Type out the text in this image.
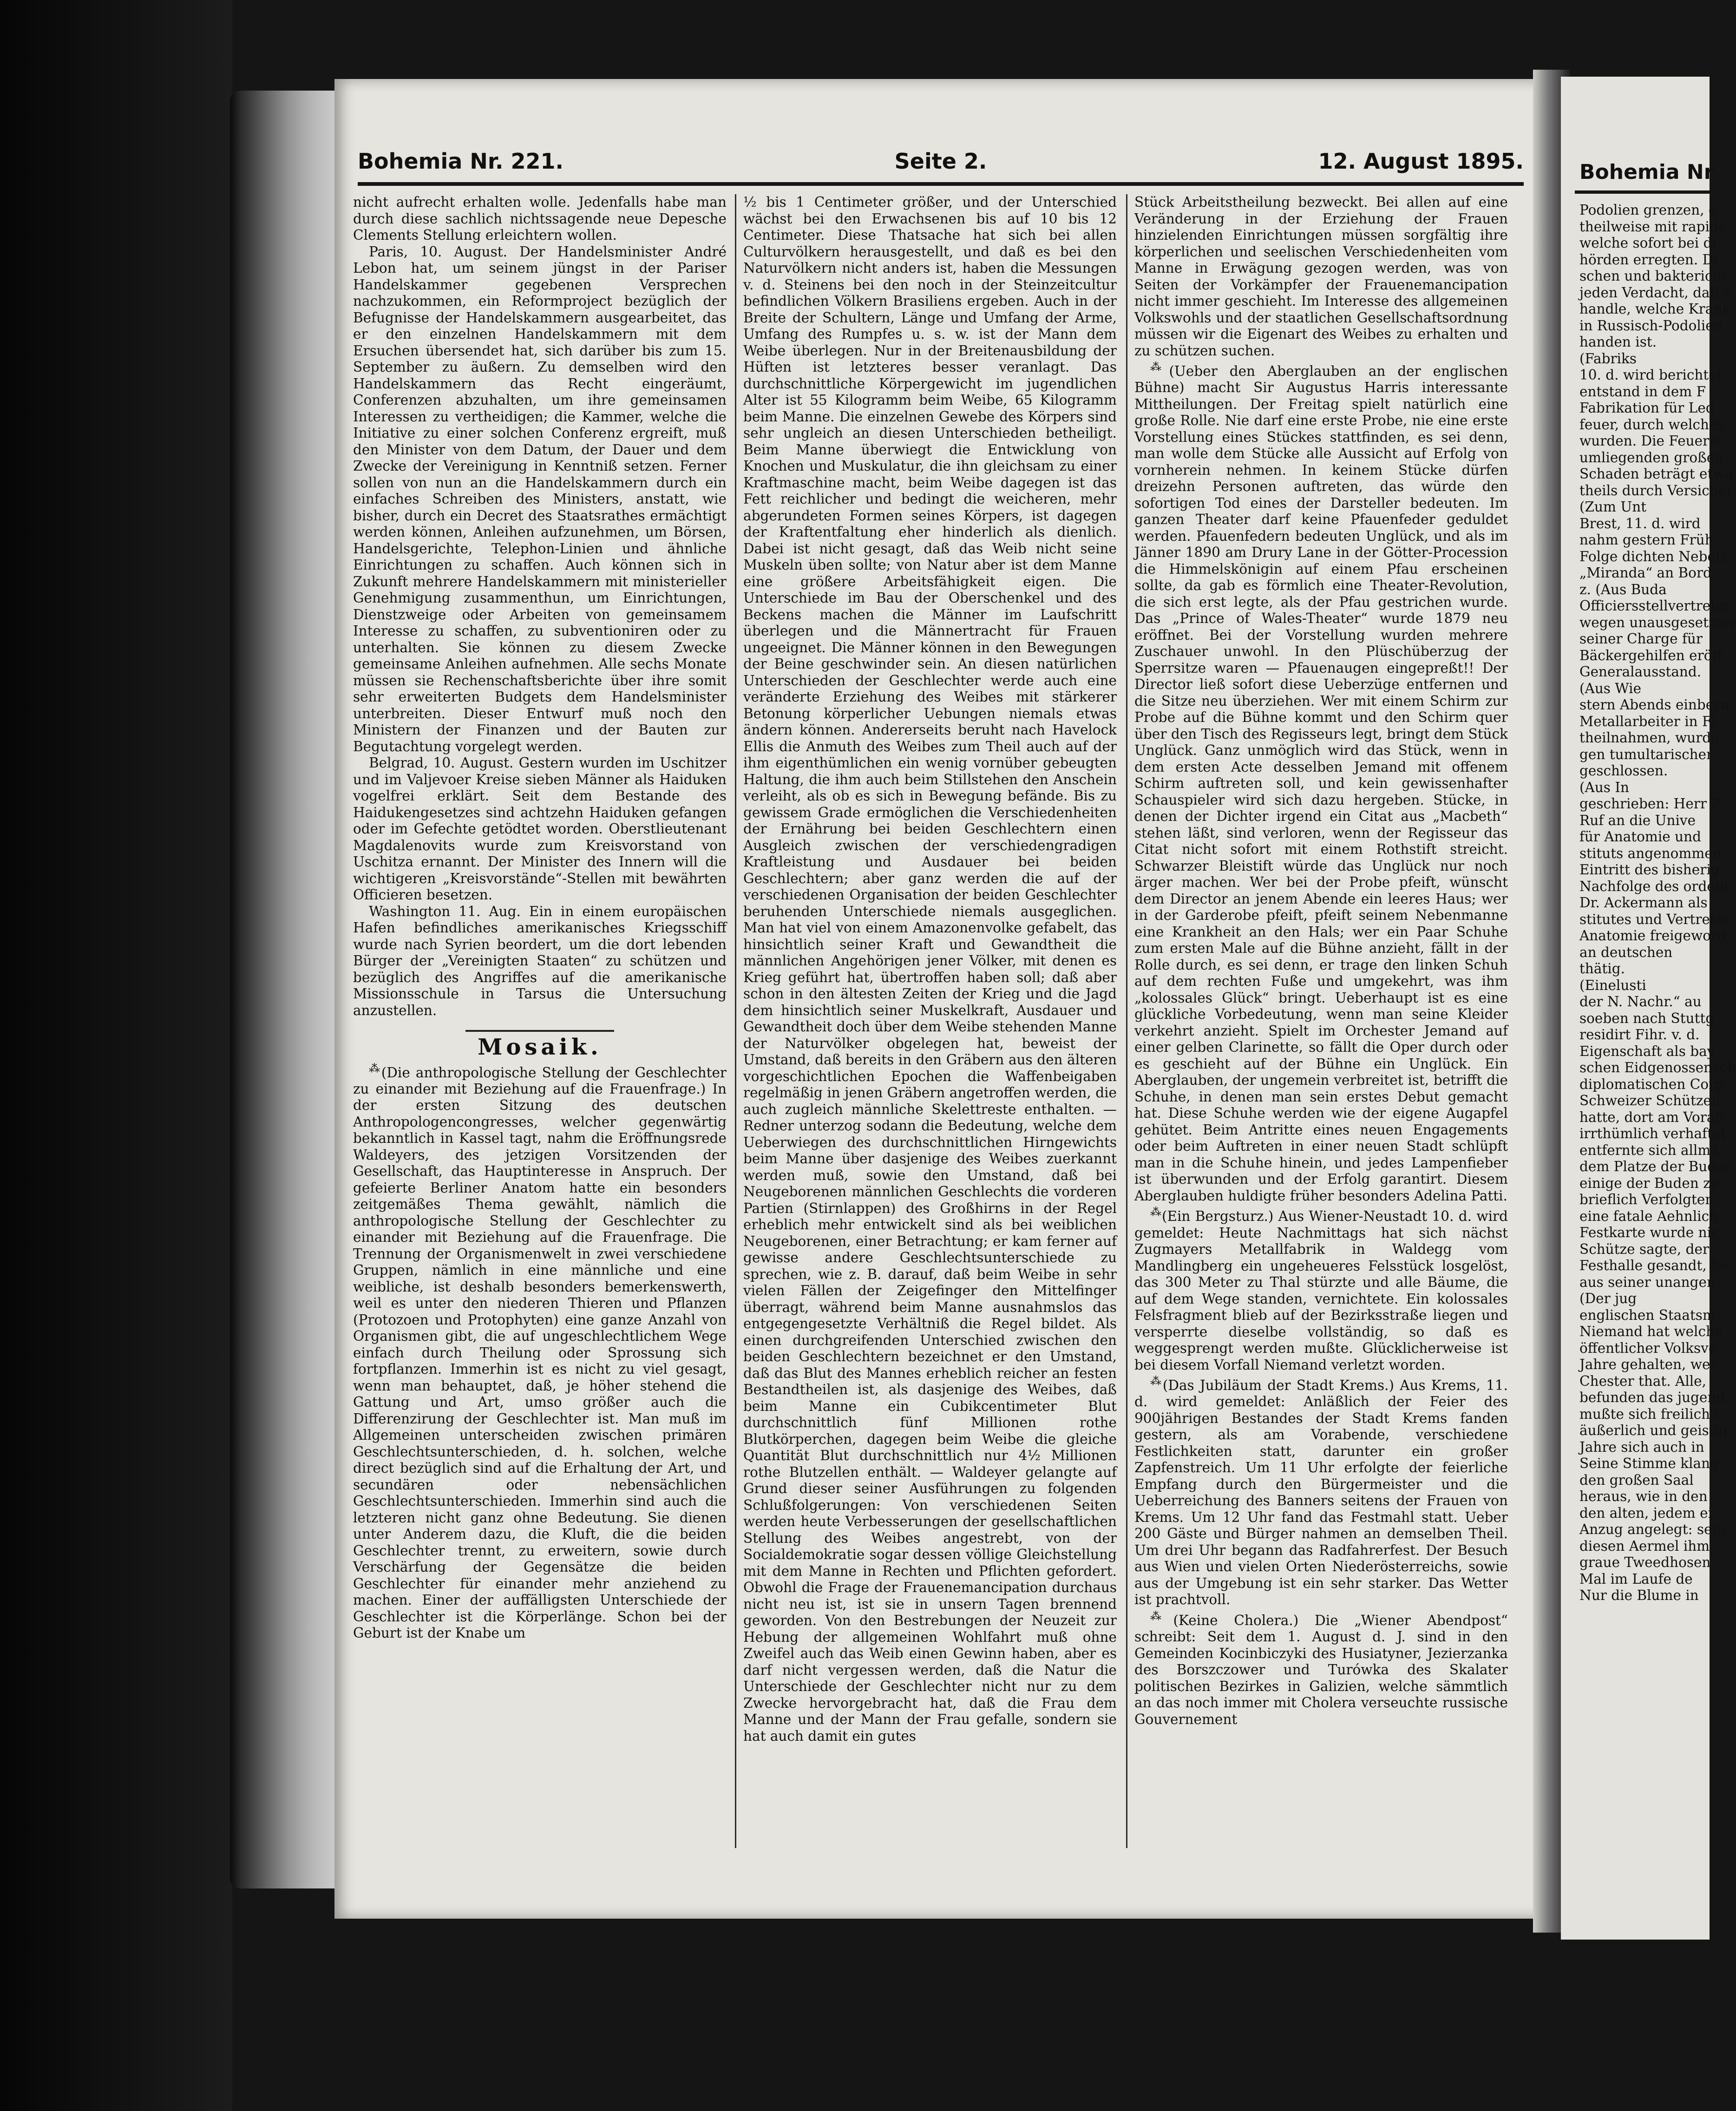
Bohemia Nr. 221.	Seite 2.	12. August 1895.

nicht aufrecht erhalten wolle. Jedenfalls habe man durch diese sachlich nichtssagende neue Depesche Clements Stellung erleichtern wollen.

Paris, 10. August. Der Handelsminister André Lebon hat, um seinem jüngst in der Pariser Handelskammer gegebenen Versprechen nachzukommen, ein Reformproject bezüglich der Befugnisse der Handelskammern ausgearbeitet, das er den einzelnen Handelskammern mit dem Ersuchen übersendet hat, sich darüber bis zum 15. September zu äußern. Zu demselben wird den Handelskammern das Recht eingeräumt, Conferenzen abzuhalten, um ihre gemeinsamen Interessen zu vertheidigen; die Kammer, welche die Initiative zu einer solchen Conferenz ergreift, muß den Minister von dem Datum, der Dauer und dem Zwecke der Vereinigung in Kenntniß setzen. Ferner sollen von nun an die Handelskammern durch ein einfaches Schreiben des Ministers, anstatt, wie bisher, durch ein Decret des Staatsrathes ermächtigt werden können, Anleihen aufzunehmen, um Börsen, Handelsgerichte, Telephon-Linien und ähnliche Einrichtungen zu schaffen. Auch können sich in Zukunft mehrere Handelskammern mit ministerieller Genehmigung zusammenthun, um Einrichtungen, Dienstzweige oder Arbeiten von gemeinsamem Interesse zu schaffen, zu subventioniren oder zu unterhalten. Sie können zu diesem Zwecke gemeinsame Anleihen aufnehmen. Alle sechs Monate müssen sie Rechenschaftsberichte über ihre somit sehr erweiterten Budgets dem Handelsminister unterbreiten. Dieser Entwurf muß noch den Ministern der Finanzen und der Bauten zur Begutachtung vorgelegt werden.

Belgrad, 10. August. Gestern wurden im Uschitzer und im Valjevoer Kreise sieben Männer als Haiduken vogelfrei erklärt. Seit dem Bestande des Haidukengesetzes sind achtzehn Haiduken gefangen oder im Gefechte getödtet worden. Oberstlieutenant Magdalenovits wurde zum Kreisvorstand von Uschitza ernannt. Der Minister des Innern will die wichtigeren „Kreisvorstände“-Stellen mit bewährten Officieren besetzen.

Washington 11. Aug. Ein in einem europäischen Hafen befindliches amerikanisches Kriegsschiff wurde nach Syrien beordert, um die dort lebenden Bürger der „Vereinigten Staaten“ zu schützen und bezüglich des Angriffes auf die amerikanische Missionsschule in Tarsus die Untersuchung anzustellen.

Mosaik.

⁂ (Die anthropologische Stellung der Geschlechter zu einander mit Beziehung auf die Frauenfrage.) In der ersten Sitzung des deutschen Anthropologencongresses, welcher gegenwärtig bekanntlich in Kassel tagt, nahm die Eröffnungsrede Waldeyers, des jetzigen Vorsitzenden der Gesellschaft, das Hauptinteresse in Anspruch. Der gefeierte Berliner Anatom hatte ein besonders zeitgemäßes Thema gewählt, nämlich die anthropologische Stellung der Geschlechter zu einander mit Beziehung auf die Frauenfrage. Die Trennung der Organismenwelt in zwei verschiedene Gruppen, nämlich in eine männliche und eine weibliche, ist deshalb besonders bemerkenswerth, weil es unter den niederen Thieren und Pflanzen (Protozoen und Protophyten) eine ganze Anzahl von Organismen gibt, die auf ungeschlechtlichem Wege einfach durch Theilung oder Sprossung sich fortpflanzen. Immerhin ist es nicht zu viel gesagt, wenn man behauptet, daß, je höher stehend die Gattung und Art, umso größer auch die Differenzirung der Geschlechter ist. Man muß im Allgemeinen unterscheiden zwischen primären Geschlechtsunterschieden, d. h. solchen, welche direct bezüglich sind auf die Erhaltung der Art, und secundären oder nebensächlichen Geschlechtsunterschieden. Immerhin sind auch die letzteren nicht ganz ohne Bedeutung. Sie dienen unter Anderem dazu, die Kluft, die die beiden Geschlechter trennt, zu erweitern, sowie durch Verschärfung der Gegensätze die beiden Geschlechter für einander mehr anziehend zu machen. Einer der auffälligsten Unterschiede der Geschlechter ist die Körperlänge. Schon bei der Geburt ist der Knabe um

½ bis 1 Centimeter größer, und der Unterschied wächst bei den Erwachsenen bis auf 10 bis 12 Centimeter. Diese Thatsache hat sich bei allen Culturvölkern herausgestellt, und daß es bei den Naturvölkern nicht anders ist, haben die Messungen v. d. Steinens bei den noch in der Steinzeitcultur befindlichen Völkern Brasiliens ergeben. Auch in der Breite der Schultern, Länge und Umfang der Arme, Umfang des Rumpfes u. s. w. ist der Mann dem Weibe überlegen. Nur in der Breitenausbildung der Hüften ist letzteres besser veranlagt. Das durchschnittliche Körpergewicht im jugendlichen Alter ist 55 Kilogramm beim Weibe, 65 Kilogramm beim Manne. Die einzelnen Gewebe des Körpers sind sehr ungleich an diesen Unterschieden betheiligt. Beim Manne überwiegt die Entwicklung von Knochen und Muskulatur, die ihn gleichsam zu einer Kraftmaschine macht, beim Weibe dagegen ist das Fett reichlicher und bedingt die weicheren, mehr abgerundeten Formen seines Körpers, ist dagegen der Kraftentfaltung eher hinderlich als dienlich. Dabei ist nicht gesagt, daß das Weib nicht seine Muskeln üben sollte; von Natur aber ist dem Manne eine größere Arbeitsfähigkeit eigen. Die Unterschiede im Bau der Oberschenkel und des Beckens machen die Männer im Laufschritt überlegen und die Männertracht für Frauen ungeeignet. Die Männer können in den Bewegungen der Beine geschwinder sein. An diesen natürlichen Unterschieden der Geschlechter werde auch eine veränderte Erziehung des Weibes mit stärkerer Betonung körperlicher Uebungen niemals etwas ändern können. Andererseits beruht nach Havelock Ellis die Anmuth des Weibes zum Theil auch auf der ihm eigenthümlichen ein wenig vornüber gebeugten Haltung, die ihm auch beim Stillstehen den Anschein verleiht, als ob es sich in Bewegung befände. Bis zu gewissem Grade ermöglichen die Verschiedenheiten der Ernährung bei beiden Geschlechtern einen Ausgleich zwischen der verschiedengradigen Kraftleistung und Ausdauer bei beiden Geschlechtern; aber ganz werden die auf der verschiedenen Organisation der beiden Geschlechter beruhenden Unterschiede niemals ausgeglichen. Man hat viel von einem Amazonenvolke gefabelt, das hinsichtlich seiner Kraft und Gewandtheit die männlichen Angehörigen jener Völker, mit denen es Krieg geführt hat, übertroffen haben soll; daß aber schon in den ältesten Zeiten der Krieg und die Jagd dem hinsichtlich seiner Muskelkraft, Ausdauer und Gewandtheit doch über dem Weibe stehenden Manne der Naturvölker obgelegen hat, beweist der Umstand, daß bereits in den Gräbern aus den älteren vorgeschichtlichen Epochen die Waffenbeigaben regelmäßig in jenen Gräbern angetroffen werden, die auch zugleich männliche Skelettreste enthalten. — Redner unterzog sodann die Bedeutung, welche dem Ueberwiegen des durchschnittlichen Hirngewichts beim Manne über dasjenige des Weibes zuerkannt werden muß, sowie den Umstand, daß bei Neugeborenen männlichen Geschlechts die vorderen Partien (Stirnlappen) des Großhirns in der Regel erheblich mehr entwickelt sind als bei weiblichen Neugeborenen, einer Betrachtung; er kam ferner auf gewisse andere Geschlechtsunterschiede zu sprechen, wie z. B. darauf, daß beim Weibe in sehr vielen Fällen der Zeigefinger den Mittelfinger überragt, während beim Manne ausnahmslos das entgegengesetzte Verhältniß die Regel bildet. Als einen durchgreifenden Unterschied zwischen den beiden Geschlechtern bezeichnet er den Umstand, daß das Blut des Mannes erheblich reicher an festen Bestandtheilen ist, als dasjenige des Weibes, daß beim Manne ein Cubikcentimeter Blut durchschnittlich fünf Millionen rothe Blutkörperchen, dagegen beim Weibe die gleiche Quantität Blut durchschnittlich nur 4½ Millionen rothe Blutzellen enthält. — Waldeyer gelangte auf Grund dieser seiner Ausführungen zu folgenden Schlußfolgerungen: Von verschiedenen Seiten werden heute Verbesserungen der gesellschaftlichen Stellung des Weibes angestrebt, von der Socialdemokratie sogar dessen völlige Gleichstellung mit dem Manne in Rechten und Pflichten gefordert. Obwohl die Frage der Frauenemancipation durchaus nicht neu ist, ist sie in unsern Tagen brennend geworden. Von den Bestrebungen der Neuzeit zur Hebung der allgemeinen Wohlfahrt muß ohne Zweifel auch das Weib einen Gewinn haben, aber es darf nicht vergessen werden, daß die Natur die Unterschiede der Geschlechter nicht nur zu dem Zwecke hervorgebracht hat, daß die Frau dem Manne und der Mann der Frau gefalle, sondern sie hat auch damit ein gutes

Stück Arbeitstheilung bezweckt. Bei allen auf eine Veränderung in der Erziehung der Frauen hinzielenden Einrichtungen müssen sorgfältig ihre körperlichen und seelischen Verschiedenheiten vom Manne in Erwägung gezogen werden, was von Seiten der Vorkämpfer der Frauenemancipation nicht immer geschieht. Im Interesse des allgemeinen Volkswohls und der staatlichen Gesellschaftsordnung müssen wir die Eigenart des Weibes zu erhalten und zu schützen suchen.

⁂ (Ueber den Aberglauben an der englischen Bühne) macht Sir Augustus Harris interessante Mittheilungen. Der Freitag spielt natürlich eine große Rolle. Nie darf eine erste Probe, nie eine erste Vorstellung eines Stückes stattfinden, es sei denn, man wolle dem Stücke alle Aussicht auf Erfolg von vornherein nehmen. In keinem Stücke dürfen dreizehn Personen auftreten, das würde den sofortigen Tod eines der Darsteller bedeuten. Im ganzen Theater darf keine Pfauenfeder geduldet werden. Pfauenfedern bedeuten Unglück, und als im Jänner 1890 am Drury Lane in der Götter-Procession die Himmelskönigin auf einem Pfau erscheinen sollte, da gab es förmlich eine Theater-Revolution, die sich erst legte, als der Pfau gestrichen wurde. Das „Prince of Wales-Theater“ wurde 1879 neu eröffnet. Bei der Vorstellung wurden mehrere Zuschauer unwohl. In den Plüschüberzug der Sperrsitze waren — Pfauenaugen eingepreßt!! Der Director ließ sofort diese Ueberzüge entfernen und die Sitze neu überziehen. Wer mit einem Schirm zur Probe auf die Bühne kommt und den Schirm quer über den Tisch des Regisseurs legt, bringt dem Stück Unglück. Ganz unmöglich wird das Stück, wenn in dem ersten Acte desselben Jemand mit offenem Schirm auftreten soll, und kein gewissenhafter Schauspieler wird sich dazu hergeben. Stücke, in denen der Dichter irgend ein Citat aus „Macbeth“ stehen läßt, sind verloren, wenn der Regisseur das Citat nicht sofort mit einem Rothstift streicht. Schwarzer Bleistift würde das Unglück nur noch ärger machen. Wer bei der Probe pfeift, wünscht dem Director an jenem Abende ein leeres Haus; wer in der Garderobe pfeift, pfeift seinem Nebenmanne eine Krankheit an den Hals; wer ein Paar Schuhe zum ersten Male auf die Bühne anzieht, fällt in der Rolle durch, es sei denn, er trage den linken Schuh auf dem rechten Fuße und umgekehrt, was ihm „kolossales Glück“ bringt. Ueberhaupt ist es eine glückliche Vorbedeutung, wenn man seine Kleider verkehrt anzieht. Spielt im Orchester Jemand auf einer gelben Clarinette, so fällt die Oper durch oder es geschieht auf der Bühne ein Unglück. Ein Aberglauben, der ungemein verbreitet ist, betrifft die Schuhe, in denen man sein erstes Debut gemacht hat. Diese Schuhe werden wie der eigene Augapfel gehütet. Beim Antritte eines neuen Engagements oder beim Auftreten in einer neuen Stadt schlüpft man in die Schuhe hinein, und jedes Lampenfieber ist überwunden und der Erfolg garantirt. Diesem Aberglauben huldigte früher besonders Adelina Patti.

⁂ (Ein Bergsturz.) Aus Wiener-Neustadt 10. d. wird gemeldet: Heute Nachmittags hat sich nächst Zugmayers Metallfabrik in Waldegg vom Mandlingberg ein ungeheueres Felsstück losgelöst, das 300 Meter zu Thal stürzte und alle Bäume, die auf dem Wege standen, vernichtete. Ein kolossales Felsfragment blieb auf der Bezirksstraße liegen und versperrte dieselbe vollständig, so daß es weggesprengt werden mußte. Glücklicherweise ist bei diesem Vorfall Niemand verletzt worden.

⁂ (Das Jubiläum der Stadt Krems.) Aus Krems, 11. d. wird gemeldet: Anläßlich der Feier des 900jährigen Bestandes der Stadt Krems fanden gestern, als am Vorabende, verschiedene Festlichkeiten statt, darunter ein großer Zapfenstreich. Um 11 Uhr erfolgte der feierliche Empfang durch den Bürgermeister und die Ueberreichung des Banners seitens der Frauen von Krems. Um 12 Uhr fand das Festmahl statt. Ueber 200 Gäste und Bürger nahmen an demselben Theil. Um drei Uhr begann das Radfahrerfest. Der Besuch aus Wien und vielen Orten Niederösterreichs, sowie aus der Umgebung ist ein sehr starker. Das Wetter ist prachtvoll.

⁂ (Keine Cholera.) Die „Wiener Abendpost“ schreibt: Seit dem 1. August d. J. sind in den Gemeinden Kocinbiczyki des Husiatyner, Jezierzanka des Borszczower und Turówka des Skalater politischen Bezirkes in Galizien, welche sämmtlich an das noch immer mit Cholera verseuchte russische Gouvernement

Bohemia Nr
Podolien grenzen, e
theilweise mit rapide
welche sofort bei di
hörden erregten. Di
schen und bakteriolo
jeden Verdacht, daß e
handle, welche Krank
in Russisch-Podolien
handen ist.
(Fabriks
10. d. wird berichtet
entstand in dem F
Fabrikation für Led
feuer, durch welches
wurden. Die Feuerw
umliegenden großen
Schaden beträgt etwa
theils durch Versicher
(Zum Unt
Brest, 11. d. wird
nahm gestern Früh
Folge dichten Nebels
„Miranda“ an Bord
z. (Aus Buda
Officiersstellvertreter
wegen unausgesetzter
seiner Charge für
Bäckergehilfen eröff
Generalausstand.
(Aus Wie
stern Abends einberu
Metallarbeiter in Fl
theilnahmen, wurde
gen tumultarischer
geschlossen.
(Aus In
geschrieben: Herr P
Ruf an die Unive
für Anatomie und
stituts angenommen
Eintritt des bisherig
Nachfolge des ordent
Dr. Ackermann als
stitutes und Vertreter
Anatomie freigeword
an deutschen
thätig.
(Einelusti
der N. Nachr.“ au
soeben nach Stuttg
residirt Fihr. v. d.
Eigenschaft als bay
schen Eidgenossensch
diplomatischen Corp
Schweizer Schützen
hatte, dort am Vorab
irrthümlich verhaftet
entfernte sich allmä
dem Platze der Buden
einige der Buden zu
brieflich Verfolgten
eine fatale Aehnlich
Festkarte wurde nic
Schütze sagte, der
Festhalle gesandt, be
aus seiner unangen
(Der jug
englischen Staatsm
Niemand hat welche
öffentlicher Volksve
Jahre gehalten, wer
Chester that. Alle,
befunden das jugend
mußte sich freilich c
äußerlich und geistig
Jahre sich auch in
Seine Stimme klang
den großen Saal
heraus, wie in den
den alten, jedem ei
Anzug angelegt: sein
diesen Aermel ihm
graue Tweedhosen
Mal im Laufe de
Nur die Blume in
